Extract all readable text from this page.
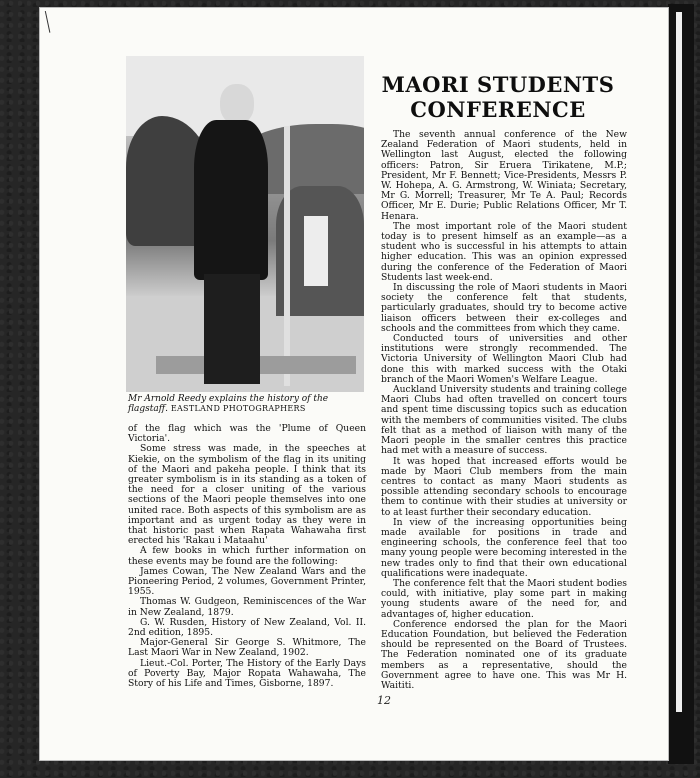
Mr Arnold Reedy explains the history of the flagstaff. EASTLAND PHOTOGRAPHERS

of the flag which was the 'Plume of Queen Victoria'.

Some stress was made, in the speeches at Kiekie, on the symbolism of the flag in its uniting of the Maori and pakeha people. I think that its greater symbolism is in its standing as a token of the need for a closer uniting of the various sections of the Maori people themselves into one united race. Both aspects of this symbolism are as important and as urgent today as they were in that historic past when Rapata Wahawaha first erected his 'Rakau i Mataahu'

A few books in which further information on these events may be found are the following:

James Cowan, The New Zealand Wars and the Pioneering Period, 2 volumes, Government Printer, 1955.

Thomas W. Gudgeon, Reminiscences of the War in New Zealand, 1879.

G. W. Rusden, History of New Zealand, Vol. II. 2nd edition, 1895.

Major-General Sir George S. Whitmore, The Last Maori War in New Zealand, 1902.

Lieut.-Col. Porter, The History of the Early Days of Poverty Bay, Major Ropata Wahawaha, The Story of his Life and Times, Gisborne, 1897.

MAORI STUDENTS
CONFERENCE

The seventh annual conference of the New Zealand Federation of Maori students, held in Wellington last August, elected the following officers: Patron, Sir Eruera Tirikatene, M.P.; President, Mr F. Bennett; Vice-Presidents, Messrs P. W. Hohepa, A. G. Armstrong, W. Winiata; Secretary, Mr G. Morrell; Treasurer, Mr Te A. Paul; Records Officer, Mr E. Durie; Public Relations Officer, Mr T. Henara.

The most important role of the Maori student today is to present himself as an example—as a student who is successful in his attempts to attain higher education. This was an opinion expressed during the conference of the Federation of Maori Students last week-end.

In discussing the role of Maori students in Maori society the conference felt that students, particularly graduates, should try to become active liaison officers between their ex-colleges and schools and the committees from which they came.

Conducted tours of universities and other institutions were strongly recommended. The Victoria University of Wellington Maori Club had done this with marked success with the Otaki branch of the Maori Women's Welfare League.

Auckland University students and training college Maori Clubs had often travelled on concert tours and spent time discussing topics such as education with the members of communities visited. The clubs felt that as a method of liaison with many of the Maori people in the smaller centres this practice had met with a measure of success.

It was hoped that increased efforts would be made by Maori Club members from the main centres to contact as many Maori students as possible attending secondary schools to encourage them to continue with their studies at university or to at least further their secondary education.

In view of the increasing opportunities being made available for positions in trade and engineering schools, the conference feel that too many young people were becoming interested in the new trades only to find that their own educational qualifications were inadequate.

The conference felt that the Maori student bodies could, with initiative, play some part in making young students aware of the need for, and advantages of, higher education.

Conference endorsed the plan for the Maori Education Foundation, but believed the Federation should be represented on the Board of Trustees. The Federation nominated one of its graduate members as a representative, should the Government agree to have one. This was Mr H. Waititi.

12
